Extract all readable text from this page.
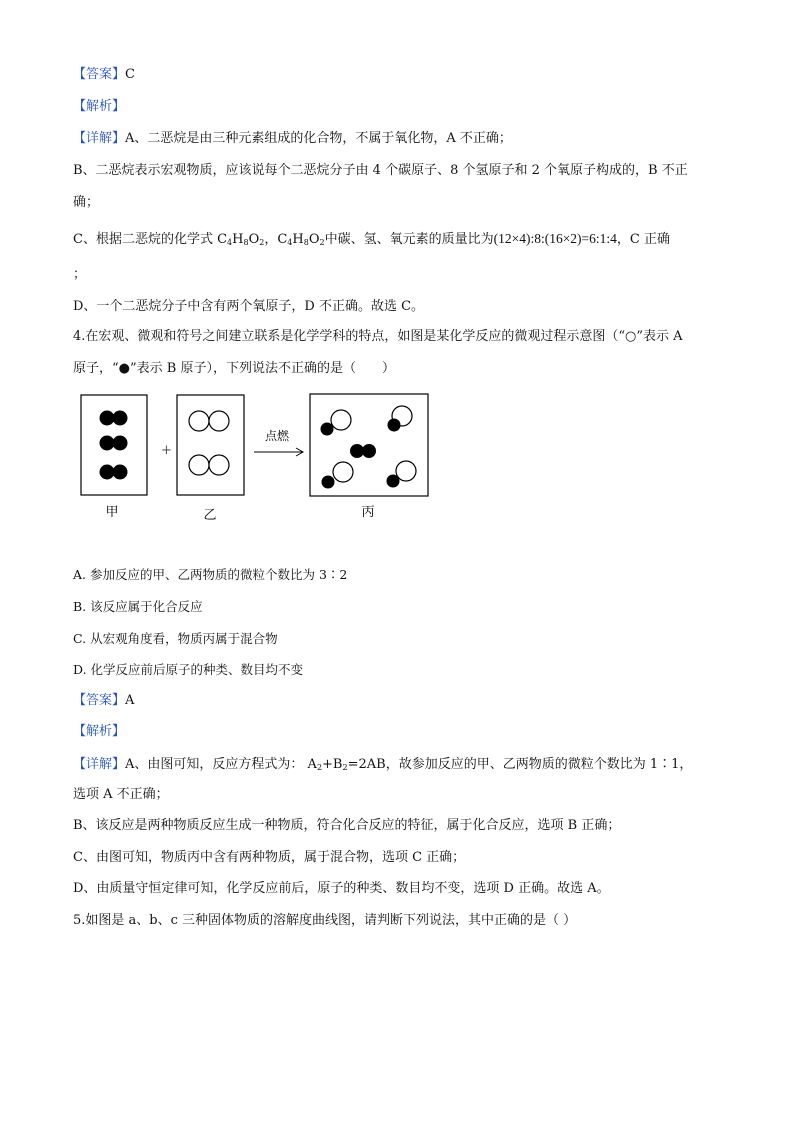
【答案】C
【解析】
【详解】A、二恶烷是由三种元素组成的化合物，不属于氧化物，A 不正确；
B、二恶烷表示宏观物质，应该说每个二恶烷分子由 4 个碳原子、8 个氢原子和 2 个氧原子构成的，B 不正
确；
C、根据二恶烷的化学式 $C_4H_8O_2$，$C_4H_8O_2$中碳、氢、氧元素的质量比为(12×4):8:(16×2)=6:1:4，C 正确
；
D、一个二恶烷分子中含有两个氧原子，D 不正确。故选 C。
4.在宏观、微观和符号之间建立联系是化学学科的特点，如图是某化学反应的微观过程示意图（“○”表示 A
原子，“●”表示 B 原子），下列说法不正确的是（　　）
+
点燃
甲	乙	丙
A. 参加反应的甲、乙两物质的微粒个数比为 3∶2
B. 该反应属于化合反应
C. 从宏观角度看，物质丙属于混合物
D. 化学反应前后原子的种类、数目均不变
【答案】A
【解析】
【详解】A、由图可知，反应方程式为： $A_2+B_2=2AB$，故参加反应的甲、乙两物质的微粒个数比为 1∶1，
选项 A 不正确；
B、该反应是两种物质反应生成一种物质，符合化合反应的特征，属于化合反应，选项 B 正确；
C、由图可知，物质丙中含有两种物质，属于混合物，选项 C 正确；
D、由质量守恒定律可知，化学反应前后，原子的种类、数目均不变，选项 D 正确。故选 A。
5.如图是 a、b、c 三种固体物质的溶解度曲线图，请判断下列说法，其中正确的是（ ）
